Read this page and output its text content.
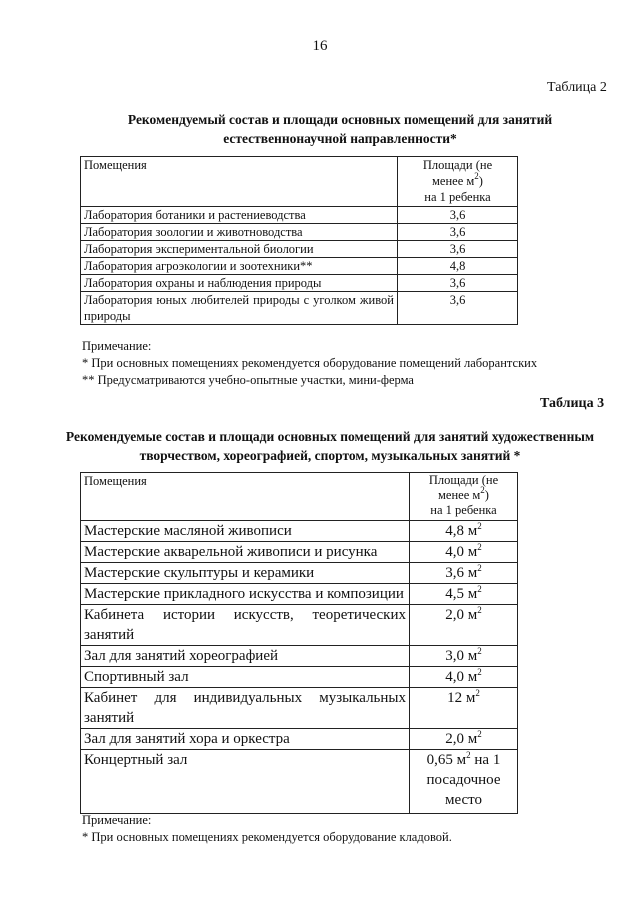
16
Таблица 2
Рекомендуемый состав и площади основных помещений для занятий
естественнонаучной направленности*
Помещения	Площади (не
менее $м^2$)
на 1 ребенка

Лаборатория ботаники и растениеводства	3,6
Лаборатория зоологии и животноводства	3,6
Лаборатория экспериментальной биологии	3,6
Лаборатория агроэкологии и зоотехники**	4,8
Лаборатория охраны и наблюдения природы	3,6
Лаборатория юных любителей природы с уголком живой природы	3,6
Примечание:
* При основных помещениях рекомендуется оборудование помещений лаборантских
** Предусматриваются учебно-опытные участки, мини-ферма
Таблица 3
Рекомендуемые состав и площади основных помещений для занятий художественным
творчеством, хореографией, спортом, музыкальных занятий *
Помещения	Площади (не
менее $м^2$)
на 1 ребенка

Мастерские масляной живописи	4,8 $м^2$
Мастерские акварельной живописи и рисунка	4,0 $м^2$
Мастерские скульптуры и керамики	3,6 $м^2$
Мастерские прикладного искусства и композиции	4,5 $м^2$
Кабинета истории искусств, теоретических занятий	2,0 $м^2$
Зал для занятий хореографией	3,0 $м^2$
Спортивный зал	4,0 $м^2$
Кабинет для индивидуальных музыкальных занятий	12 $м^2$
Зал для занятий хора и оркестра	2,0 $м^2$
Концертный зал	0,65 $м^2$ на 1
посадочное
место
Примечание:
* При основных помещениях рекомендуется оборудование кладовой.
